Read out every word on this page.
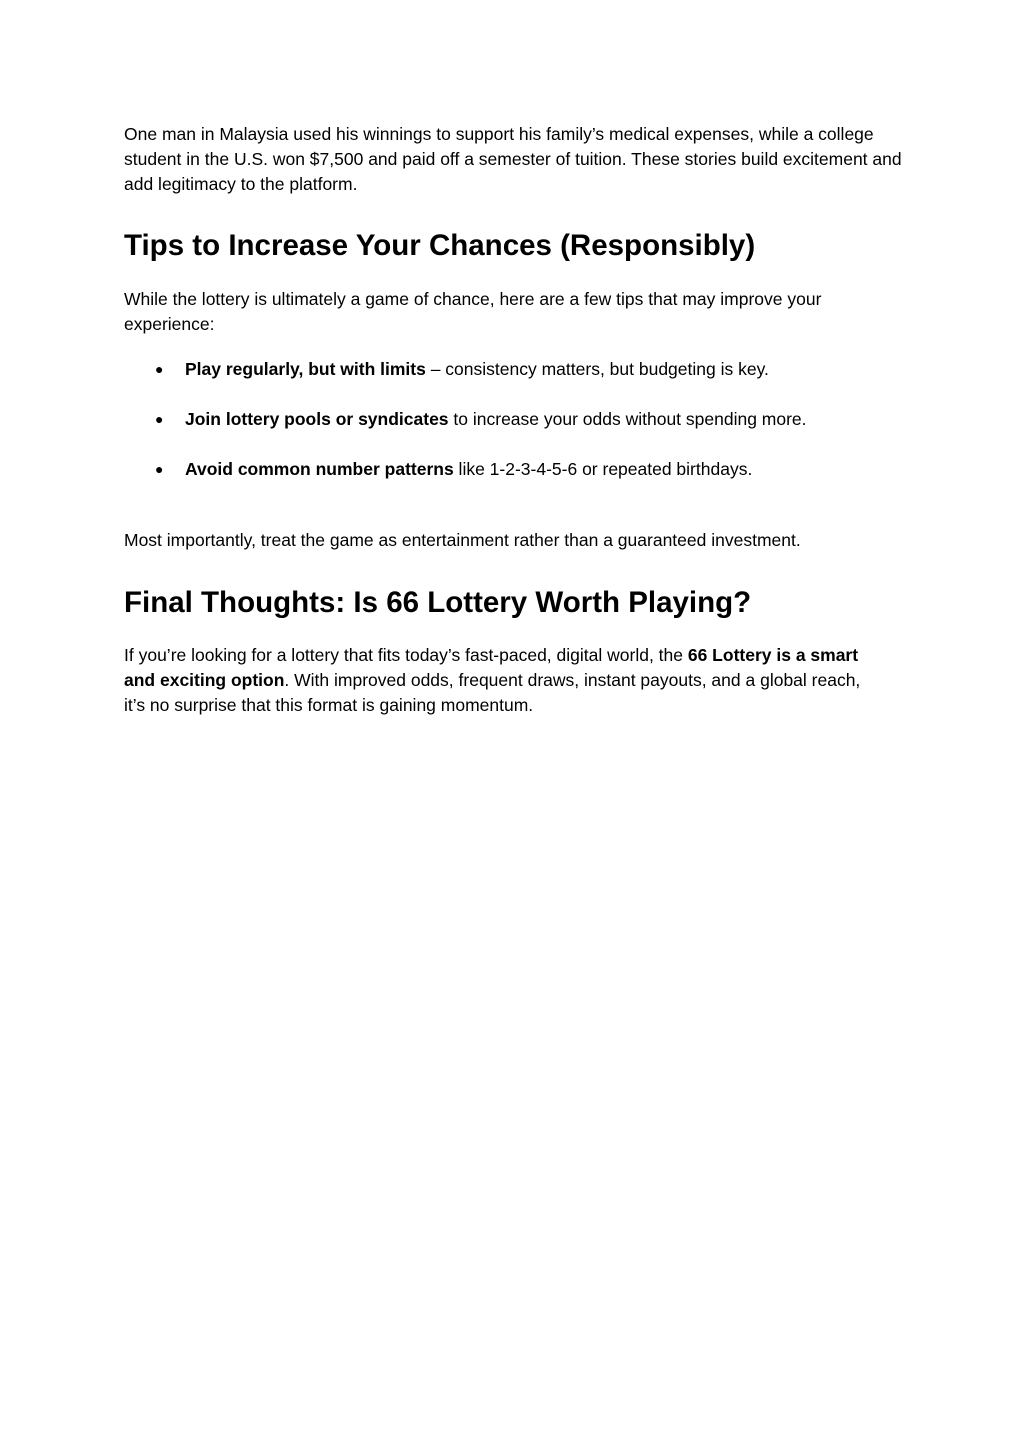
One man in Malaysia used his winnings to support his family’s medical expenses, while a college student in the U.S. won $7,500 and paid off a semester of tuition. These stories build excitement and add legitimacy to the platform.

Tips to Increase Your Chances (Responsibly)

While the lottery is ultimately a game of chance, here are a few tips that may improve your experience:

● Play regularly, but with limits – consistency matters, but budgeting is key.
● Join lottery pools or syndicates to increase your odds without spending more.
● Avoid common number patterns like 1-2-3-4-5-6 or repeated birthdays.

Most importantly, treat the game as entertainment rather than a guaranteed investment.

Final Thoughts: Is 66 Lottery Worth Playing?

If you’re looking for a lottery that fits today’s fast-paced, digital world, the 66 Lottery is a smart and exciting option. With improved odds, frequent draws, instant payouts, and a global reach, it’s no surprise that this format is gaining momentum.
